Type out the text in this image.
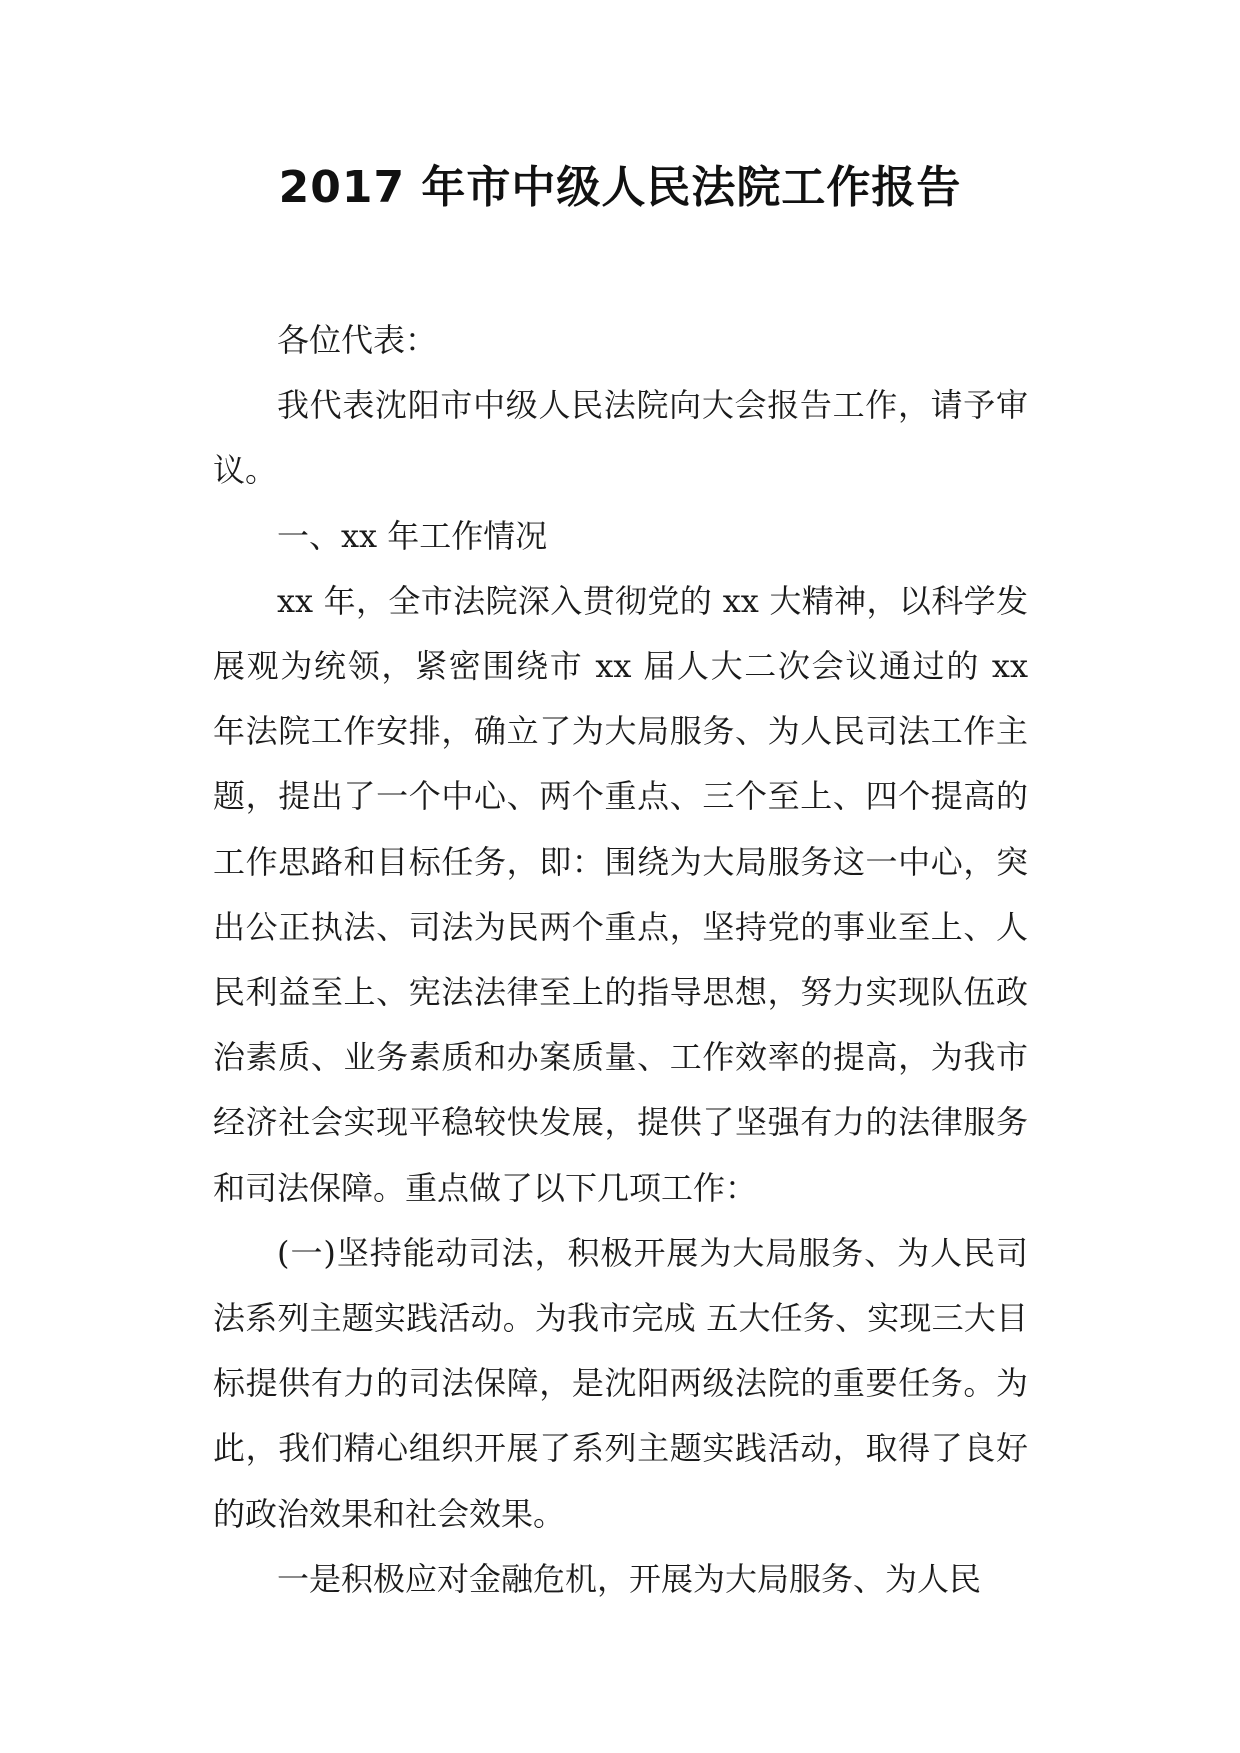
2017 年市中级人民法院工作报告

各位代表：

我代表沈阳市中级人民法院向大会报告工作，请予审议。

一、xx 年工作情况

xx 年，全市法院深入贯彻党的 xx 大精神，以科学发展观为统领，紧密围绕市 xx 届人大二次会议通过的 xx 年法院工作安排，确立了为大局服务、为人民司法工作主题，提出了一个中心、两个重点、三个至上、四个提高的工作思路和目标任务，即：围绕为大局服务这一中心，突出公正执法、司法为民两个重点，坚持党的事业至上、人民利益至上、宪法法律至上的指导思想，努力实现队伍政治素质、业务素质和办案质量、工作效率的提高，为我市经济社会实现平稳较快发展，提供了坚强有力的法律服务和司法保障。重点做了以下几项工作：

(一)坚持能动司法，积极开展为大局服务、为人民司法系列主题实践活动。为我市完成 五大任务、实现三大目标提供有力的司法保障，是沈阳两级法院的重要任务。为此，我们精心组织开展了系列主题实践活动，取得了良好的政治效果和社会效果。

一是积极应对金融危机，开展为大局服务、为人民
